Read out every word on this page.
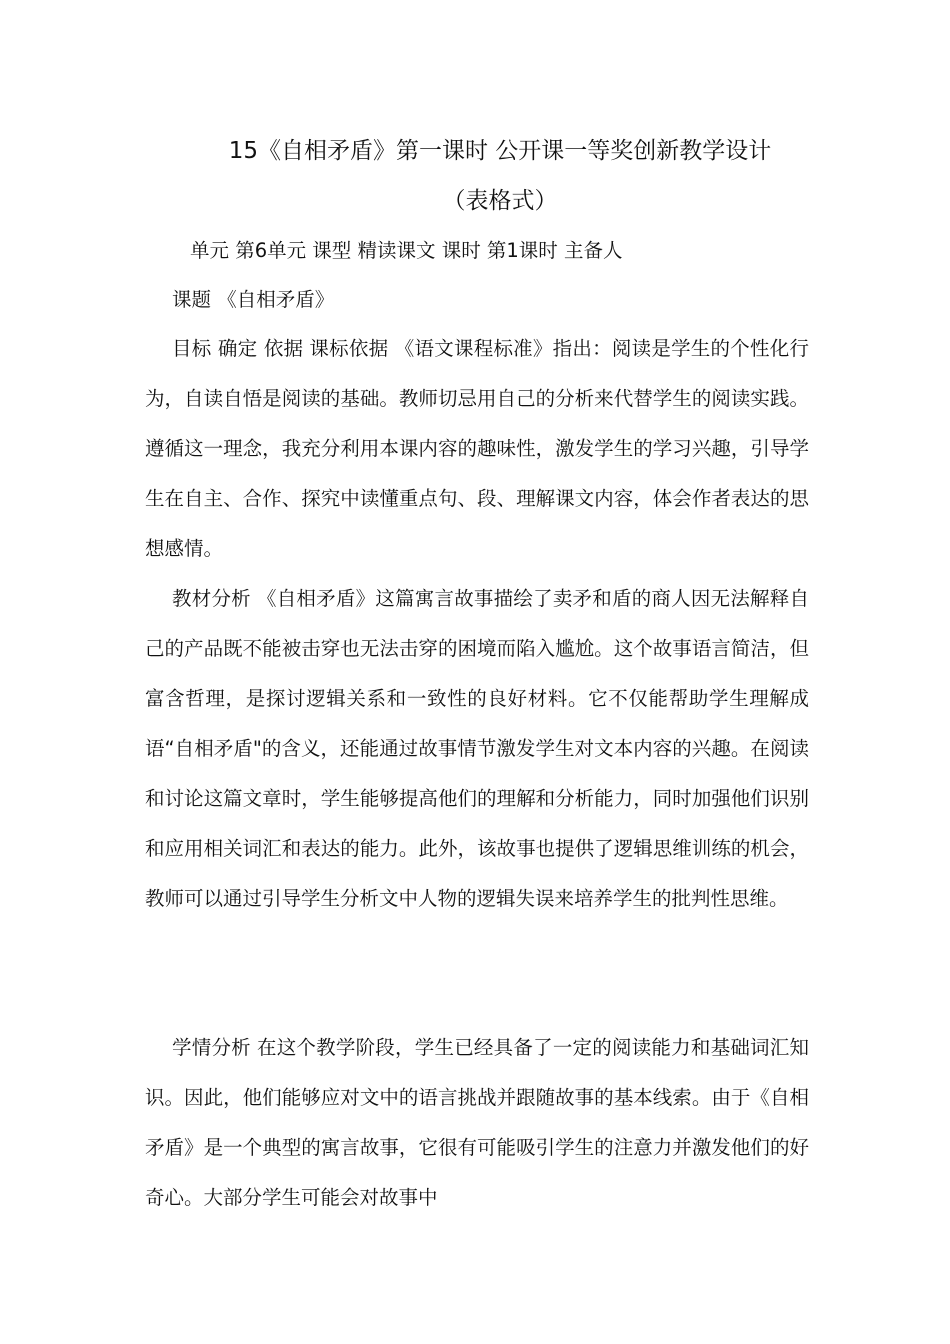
15《自相矛盾》第一课时 公开课一等奖创新教学设计
（表格式）

单元 第6单元 课型 精读课文 课时 第1课时 主备人

课题 《自相矛盾》

目标 确定 依据 课标依据 《语文课程标准》指出：阅读是学生的个性化行为，自读自悟是阅读的基础。教师切忌用自己的分析来代替学生的阅读实践。遵循这一理念，我充分利用本课内容的趣味性，激发学生的学习兴趣，引导学生在自主、合作、探究中读懂重点句、段、理解课文内容，体会作者表达的思想感情。

教材分析 《自相矛盾》这篇寓言故事描绘了卖矛和盾的商人因无法解释自己的产品既不能被击穿也无法击穿的困境而陷入尴尬。这个故事语言简洁，但富含哲理，是探讨逻辑关系和一致性的良好材料。它不仅能帮助学生理解成语“自相矛盾"的含义，还能通过故事情节激发学生对文本内容的兴趣。在阅读和讨论这篇文章时，学生能够提高他们的理解和分析能力，同时加强他们识别和应用相关词汇和表达的能力。此外，该故事也提供了逻辑思维训练的机会，教师可以通过引导学生分析文中人物的逻辑失误来培养学生的批判性思维。

学情分析 在这个教学阶段，学生已经具备了一定的阅读能力和基础词汇知识。因此，他们能够应对文中的语言挑战并跟随故事的基本线索。由于《自相矛盾》是一个典型的寓言故事，它很有可能吸引学生的注意力并激发他们的好奇心。大部分学生可能会对故事中
